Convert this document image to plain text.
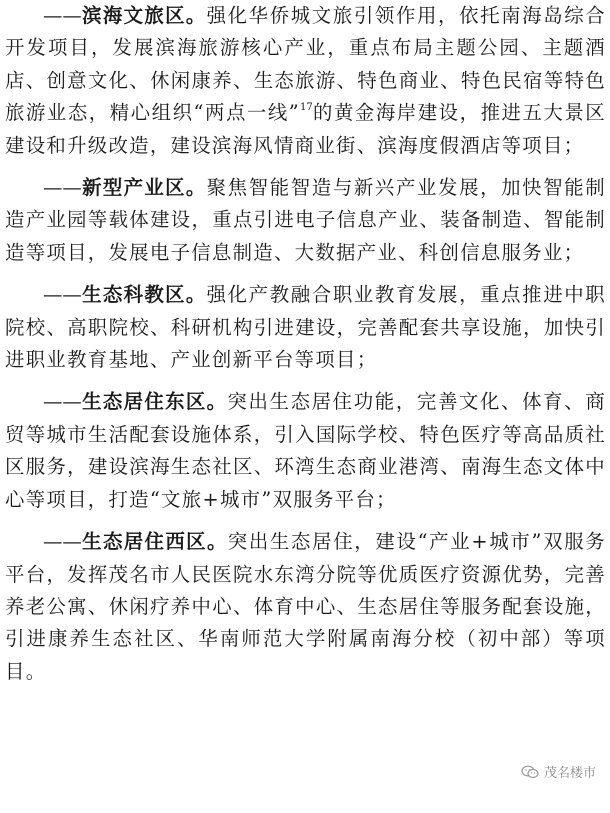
——滨海文旅区。强化华侨城文旅引领作用，依托南海岛综合开发项目，发展滨海旅游核心产业，重点布局主题公园、主题酒店、创意文化、休闲康养、生态旅游、特色商业、特色民宿等特色旅游业态，精心组织“两点一线”$^{17}$的黄金海岸建设，推进五大景区建设和升级改造，建设滨海风情商业街、滨海度假酒店等项目；

——新型产业区。聚焦智能智造与新兴产业发展，加快智能制造产业园等载体建设，重点引进电子信息产业、装备制造、智能制造等项目，发展电子信息制造、大数据产业、科创信息服务业；

——生态科教区。强化产教融合职业教育发展，重点推进中职院校、高职院校、科研机构引进建设，完善配套共享设施，加快引进职业教育基地、产业创新平台等项目；

——生态居住东区。突出生态居住功能，完善文化、体育、商贸等城市生活配套设施体系，引入国际学校、特色医疗等高品质社区服务，建设滨海生态社区、环湾生态商业港湾、南海生态文体中心等项目，打造“文旅+城市”双服务平台；

——生态居住西区。突出生态居住，建设“产业+城市”双服务平台，发挥茂名市人民医院水东湾分院等优质医疗资源优势，完善养老公寓、休闲疗养中心、体育中心、生态居住等服务配套设施，引进康养生态社区、华南师范大学附属南海分校（初中部）等项目。

茂名楼市
